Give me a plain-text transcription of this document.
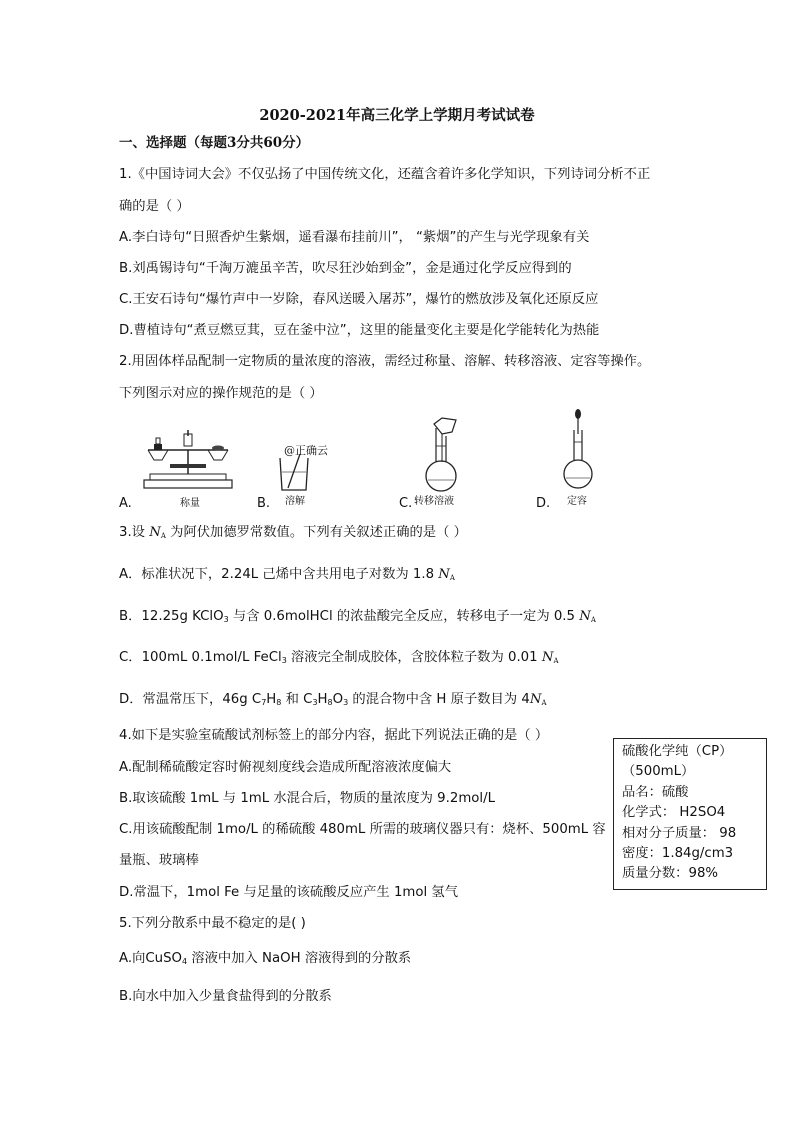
2020-2021年高三化学上学期月考试试卷
一、选择题（每题3分共60分）
1.《中国诗词大会》不仅弘扬了中国传统文化，还蕴含着许多化学知识，下列诗词分析不正
确的是（ ）
A.李白诗句“日照香炉生紫烟，遥看瀑布挂前川”， “紫烟”的产生与光学现象有关
B.刘禹锡诗句“千淘万漉虽辛苦，吹尽狂沙始到金”，金是通过化学反应得到的
C.王安石诗句“爆竹声中一岁除，春风送暖入屠苏”，爆竹的燃放涉及氧化还原反应
D.曹植诗句“煮豆燃豆萁，豆在釜中泣”，这里的能量变化主要是化学能转化为热能
2.用固体样品配制一定物质的量浓度的溶液，需经过称量、溶解、转移溶液、定容等操作。
下列图示对应的操作规范的是（ ）
A.	称量	B.
@正确云
溶解	C. 转移溶液	D. 定容
3.设 $N_A$ 为阿伏加德罗常数值。下列有关叙述正确的是（ ）
A．标准状况下，2.24L 己烯中含共用电子对数为 1.8 $N_A$
B．12.25g KClO$_3$ 与含 0.6molHCl 的浓盐酸完全反应，转移电子一定为 0.5 $N_A$
C．100mL 0.1mol/L FeCl$_3$ 溶液完全制成胶体，含胶体粒子数为 0.01 $N_A$
D．常温常压下，46g $C_7H_8$ 和 $C_3H_8O_3$ 的混合物中含 H 原子数目为 $4N_A$
4.如下是实验室硫酸试剂标签上的部分内容，据此下列说法正确的是（ ）
A.配制稀硫酸定容时俯视刻度线会造成所配溶液浓度偏大
B.取该硫酸 1mL 与 1mL 水混合后，物质的量浓度为 9.2mol/L
C.用该硫酸配制 1mo/L 的稀硫酸 480mL 所需的玻璃仪器只有：烧杯、500mL 容
量瓶、玻璃棒
D.常温下，1mol Fe 与足量的该硫酸反应产生 1mol 氢气
硫酸化学纯（CP）
（500mL）
品名：硫酸
化学式： H2SO4
相对分子质量： 98
密度：1.84g/cm3
质量分数：98%
5.下列分散系中最不稳定的是( )
A.向CuSO$_4$ 溶液中加入 NaOH 溶液得到的分散系
B.向水中加入少量食盐得到的分散系
